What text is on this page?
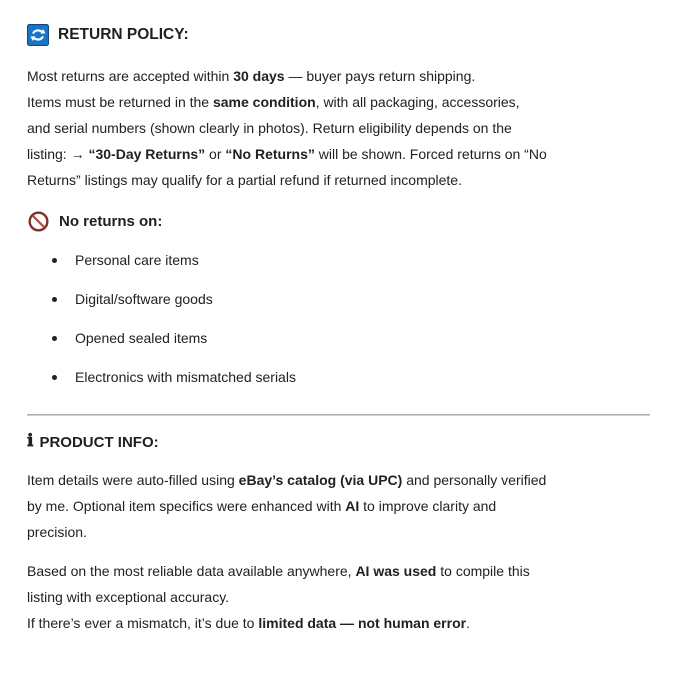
RETURN POLICY:
Most returns are accepted within 30 days — buyer pays return shipping.
Items must be returned in the same condition, with all packaging, accessories,
and serial numbers (shown clearly in photos). Return eligibility depends on the
listing: → “30-Day Returns” or “No Returns” will be shown. Forced returns on “No
Returns” listings may qualify for a partial refund if returned incomplete.
No returns on:
Personal care items
Digital/software goods
Opened sealed items
Electronics with mismatched serials
ℹ PRODUCT INFO:
Item details were auto-filled using eBay’s catalog (via UPC) and personally verified
by me. Optional item specifics were enhanced with AI to improve clarity and
precision.
Based on the most reliable data available anywhere, AI was used to compile this
listing with exceptional accuracy.
If there’s ever a mismatch, it’s due to limited data — not human error.
